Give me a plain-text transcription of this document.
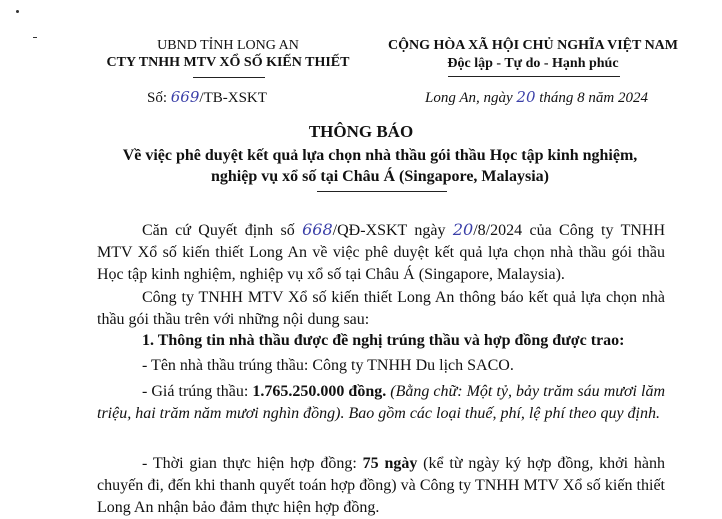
UBND TỈNH LONG AN
CTY TNHH MTV XỔ SỐ KIẾN THIẾT
Số: 669/TB-XSKT
CỘNG HÒA XÃ HỘI CHỦ NGHĨA VIỆT NAM
Độc lập - Tự do - Hạnh phúc
Long An, ngày 20 tháng 8 năm 2024
THÔNG BÁO
Về việc phê duyệt kết quả lựa chọn nhà thầu gói thầu Học tập kinh nghiệm,
nghiệp vụ xổ số tại Châu Á (Singapore, Malaysia)
Căn cứ Quyết định số 668/QĐ-XSKT ngày 20/8/2024 của Công ty TNHH MTV Xổ số kiến thiết Long An về việc phê duyệt kết quả lựa chọn nhà thầu gói thầu Học tập kinh nghiệm, nghiệp vụ xổ số tại Châu Á (Singapore, Malaysia).
Công ty TNHH MTV Xổ số kiến thiết Long An thông báo kết quả lựa chọn nhà thầu gói thầu trên với những nội dung sau:
1. Thông tin nhà thầu được đề nghị trúng thầu và hợp đồng được trao:
- Tên nhà thầu trúng thầu: Công ty TNHH Du lịch SACO.
- Giá trúng thầu: 1.765.250.000 đồng. (Bằng chữ: Một tỷ, bảy trăm sáu mươi lăm triệu, hai trăm năm mươi nghìn đồng). Bao gồm các loại thuế, phí, lệ phí theo quy định.
- Thời gian thực hiện hợp đồng: 75 ngày (kể từ ngày ký hợp đồng, khởi hành chuyến đi, đến khi thanh quyết toán hợp đồng) và Công ty TNHH MTV Xổ số kiến thiết Long An nhận bảo đảm thực hiện hợp đồng.
